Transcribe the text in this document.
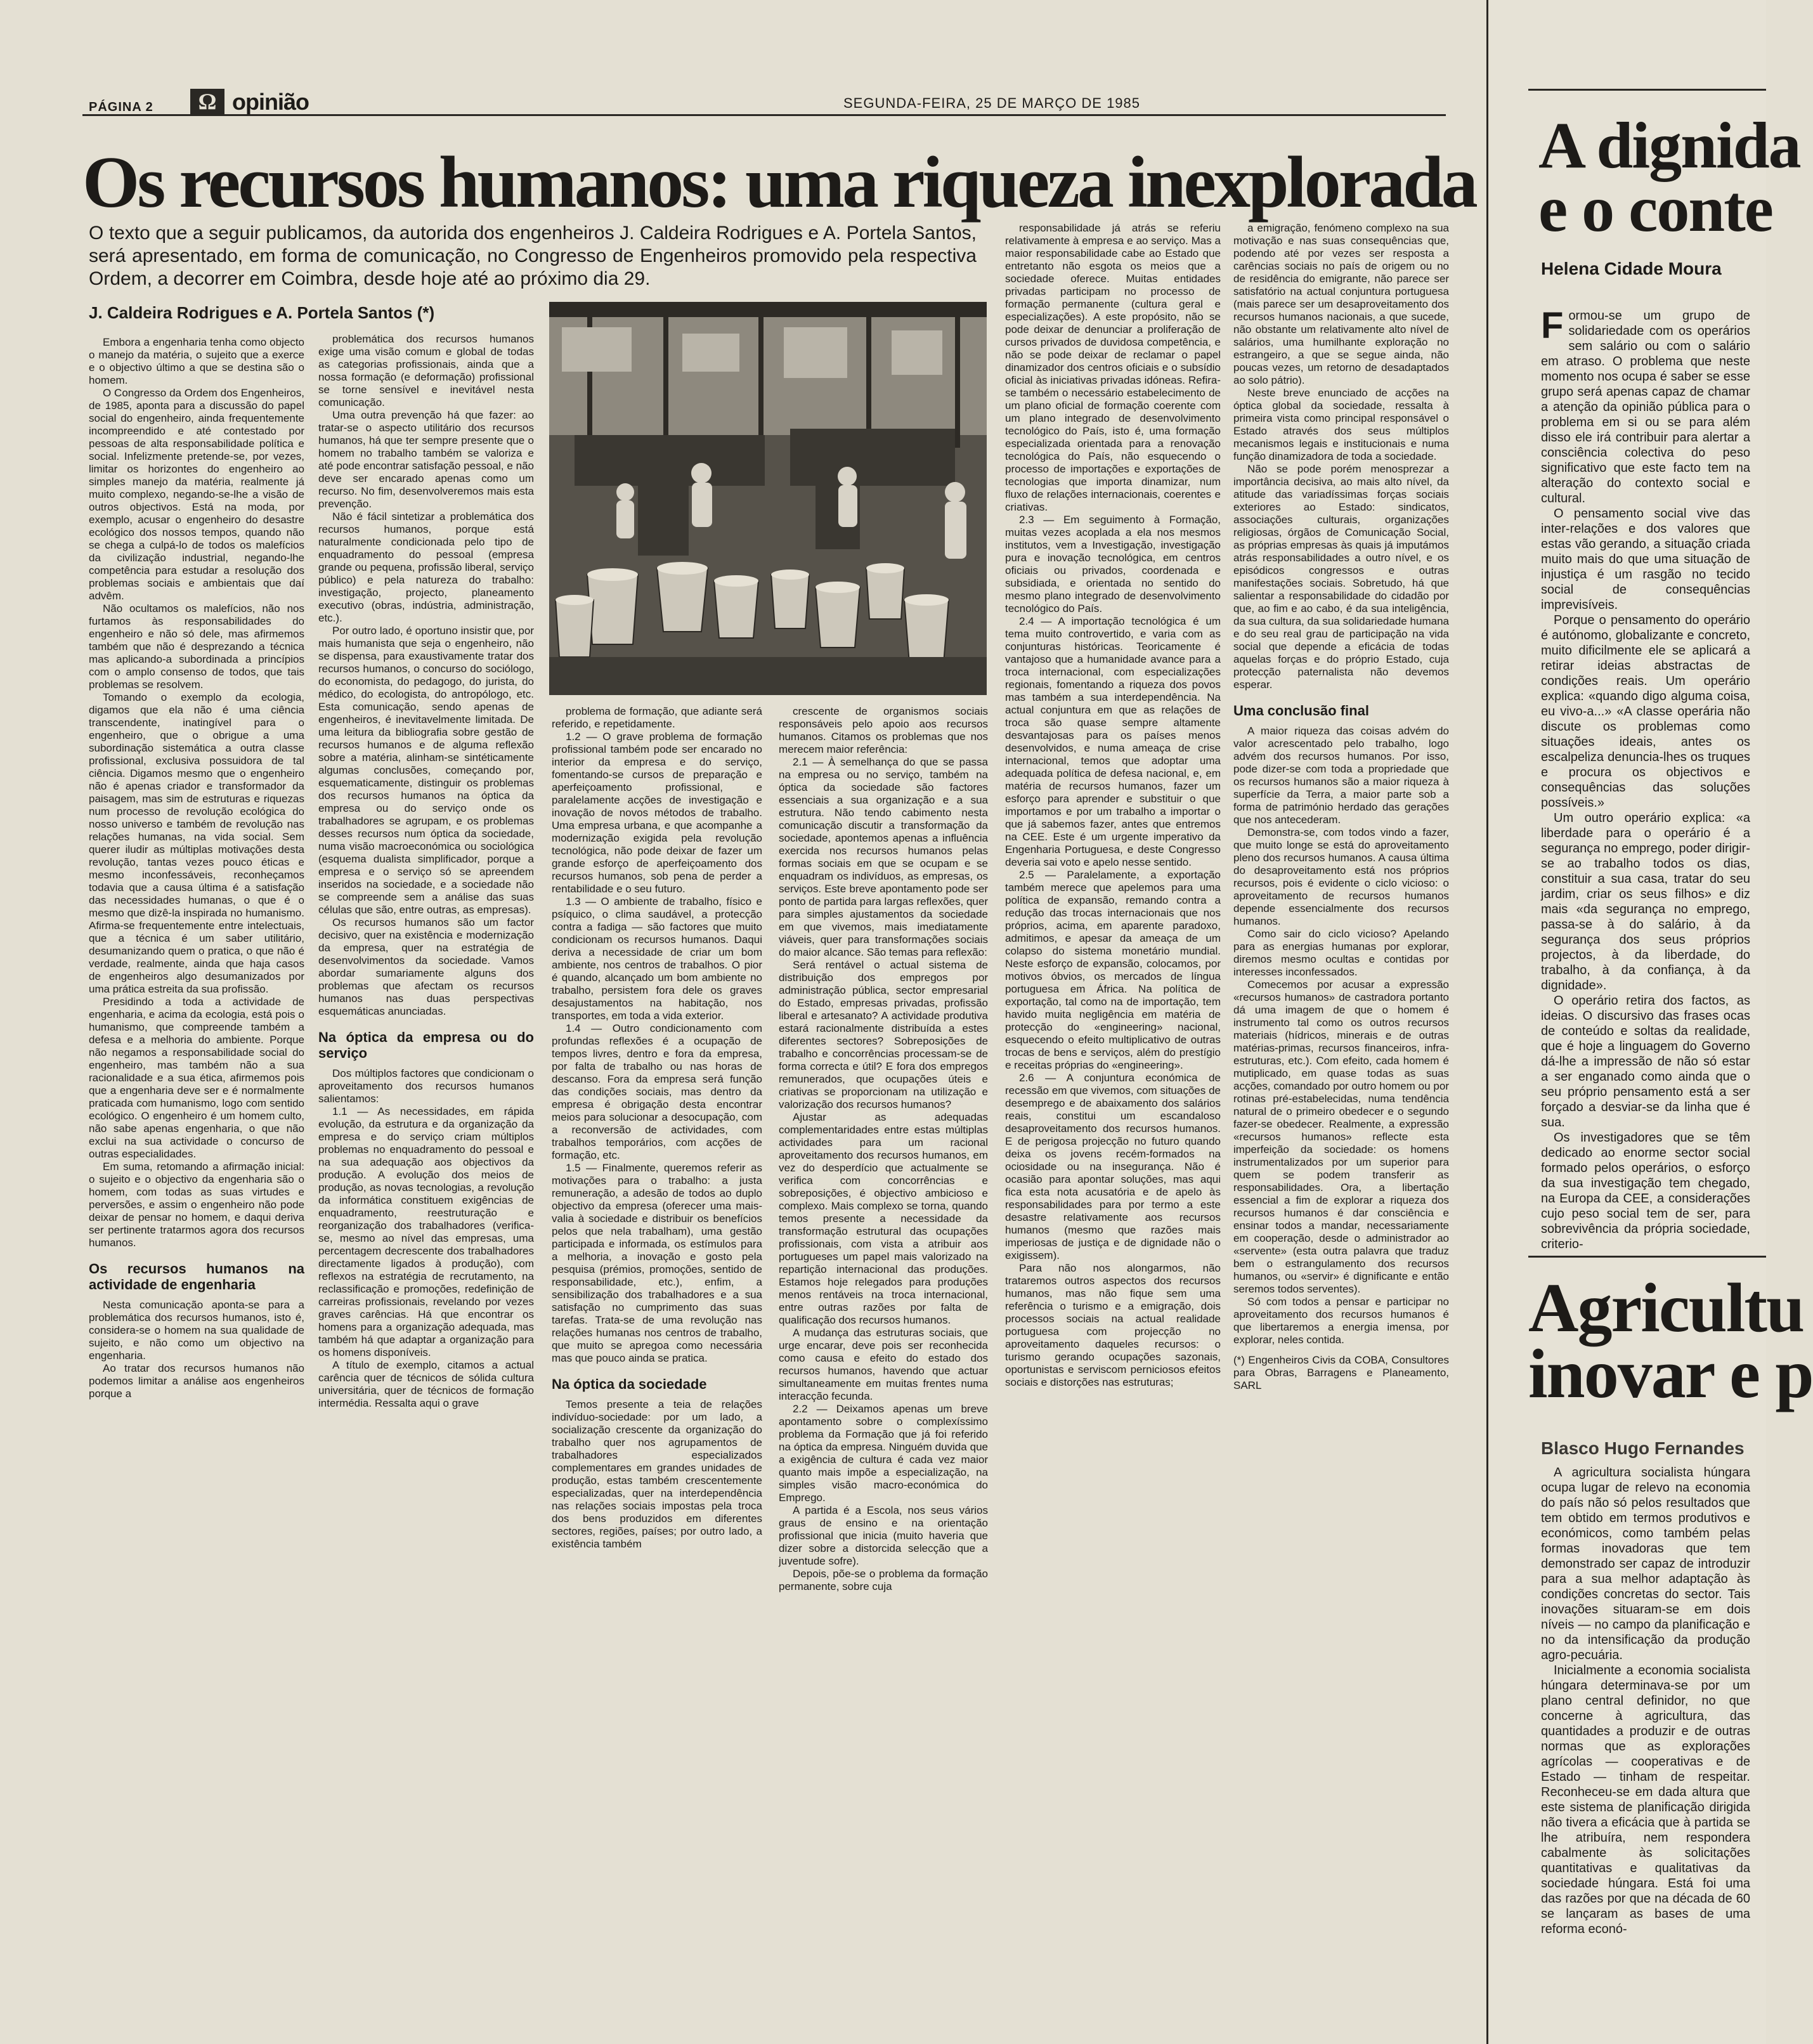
PÁGINA 2	Ω opinião	SEGUNDA-FEIRA, 25 DE MARÇO DE 1985
Os recursos humanos: uma riqueza inexplorada
O texto que a seguir publicamos, da autorida dos engenheiros J. Caldeira Rodrigues e A. Portela Santos, será apresentado, em forma de comunicação, no Congresso de Engenheiros promovido pela respectiva Ordem, a decorrer em Coimbra, desde hoje até ao próximo dia 29.
J. Caldeira Rodrigues e A. Portela Santos (*)

Embora a engenharia tenha como objecto o manejo da matéria, o sujeito que a exerce e o objectivo último a que se destina são o homem.

O Congresso da Ordem dos Engenheiros, de 1985, aponta para a discussão do papel social do engenheiro, ainda frequentemente incompreendido e até contestado por pessoas de alta responsabilidade política e social. Infelizmente pretende-se, por vezes, limitar os horizontes do engenheiro ao simples manejo da matéria, realmente já muito complexo, negando-se-lhe a visão de outros objectivos. Está na moda, por exemplo, acusar o engenheiro do desastre ecológico dos nossos tempos, quando não se chega a culpá-lo de todos os malefícios da civilização industrial, negando-lhe competência para estudar a resolução dos problemas sociais e ambientais que daí advêm.

Não ocultamos os malefícios, não nos furtamos às responsabilidades do engenheiro e não só dele, mas afirmemos também que não é desprezando a técnica mas aplicando-a subordinada a princípios com o amplo consenso de todos, que tais problemas se resolvem.

Tomando o exemplo da ecologia, digamos que ela não é uma ciência transcendente, inatingível para o engenheiro, que o obrigue a uma subordinação sistemática a outra classe profissional, exclusiva possuidora de tal ciência. Digamos mesmo que o engenheiro não é apenas criador e transformador da paisagem, mas sim de estruturas e riquezas num processo de revolução ecológica do nosso universo e também de revolução nas relações humanas, na vida social. Sem querer iludir as múltiplas motivações desta revolução, tantas vezes pouco éticas e mesmo inconfessáveis, reconheçamos todavia que a causa última é a satisfação das necessidades humanas, o que é o mesmo que dizê-la inspirada no humanismo. Afirma-se frequentemente entre intelectuais, que a técnica é um saber utilitário, desumanizando quem o pratica, o que não é verdade, realmente, ainda que haja casos de engenheiros algo desumanizados por uma prática estreita da sua profissão.

Presidindo a toda a actividade de engenharia, e acima da ecologia, está pois o humanismo, que compreende também a defesa e a melhoria do ambiente. Porque não negamos a responsabilidade social do engenheiro, mas também não a sua racionalidade e a sua ética, afirmemos pois que a engenharia deve ser e é normalmente praticada com humanismo, logo com sentido ecológico. O engenheiro é um homem culto, não sabe apenas engenharia, o que não exclui na sua actividade o concurso de outras especialidades.

Em suma, retomando a afirmação inicial: o sujeito e o objectivo da engenharia são o homem, com todas as suas virtudes e perversões, e assim o engenheiro não pode deixar de pensar no homem, e daqui deriva ser pertinente tratarmos agora dos recursos humanos.

Os recursos humanos na actividade de engenharia

Nesta comunicação aponta-se para a problemática dos recursos humanos, isto é, considera-se o homem na sua qualidade de sujeito, e não como um objectivo na engenharia.

Ao tratar dos recursos humanos não podemos limitar a análise aos engenheiros porque a

problemática dos recursos humanos exige uma visão comum e global de todas as categorias profissionais, ainda que a nossa formação (e deformação) profissional se torne sensível e inevitável nesta comunicação.

Uma outra prevenção há que fazer: ao tratar-se o aspecto utilitário dos recursos humanos, há que ter sempre presente que o homem no trabalho também se valoriza e até pode encontrar satisfação pessoal, e não deve ser encarado apenas como um recurso. No fim, desenvolveremos mais esta prevenção.

Não é fácil sintetizar a problemática dos recursos humanos, porque está naturalmente condicionada pelo tipo de enquadramento do pessoal (empresa grande ou pequena, profissão liberal, serviço público) e pela natureza do trabalho: investigação, projecto, planeamento executivo (obras, indústria, administração, etc.).

Por outro lado, é oportuno insistir que, por mais humanista que seja o engenheiro, não se dispensa, para exaustivamente tratar dos recursos humanos, o concurso do sociólogo, do economista, do pedagogo, do jurista, do médico, do ecologista, do antropólogo, etc. Esta comunicação, sendo apenas de engenheiros, é inevitavelmente limitada. De uma leitura da bibliografia sobre gestão de recursos humanos e de alguma reflexão sobre a matéria, alinham-se sintéticamente algumas conclusões, começando por, esquematicamente, distinguir os problemas dos recursos humanos na óptica da empresa ou do serviço onde os trabalhadores se agrupam, e os problemas desses recursos num óptica da sociedade, numa visão macroeconómica ou sociológica (esquema dualista simplificador, porque a empresa e o serviço só se apreendem inseridos na sociedade, e a sociedade não se compreende sem a análise das suas células que são, entre outras, as empresas).

Os recursos humanos são um factor decisivo, quer na existência e modernização da empresa, quer na estratégia de desenvolvimentos da sociedade. Vamos abordar sumariamente alguns dos problemas que afectam os recursos humanos nas duas perspectivas esquemáticas anunciadas.

Na óptica da empresa ou do serviço

Dos múltiplos factores que condicionam o aproveitamento dos recursos humanos salientamos:

1.1 — As necessidades, em rápida evolução, da estrutura e da organização da empresa e do serviço criam múltiplos problemas no enquadramento do pessoal e na sua adequação aos objectivos da produção. A evolução dos meios de produção, as novas tecnologias, a revolução da informática constituem exigências de enquadramento, reestruturação e reorganização dos trabalhadores (verifica-se, mesmo ao nível das empresas, uma percentagem decrescente dos trabalhadores directamente ligados à produção), com reflexos na estratégia de recrutamento, na reclassificação e promoções, redefinição de carreiras profissionais, revelando por vezes graves carências. Há que encontrar os homens para a organização adequada, mas também há que adaptar a organização para os homens disponíveis.

A título de exemplo, citamos a actual carência quer de técnicos de sólida cultura universitária, quer de técnicos de formação intermédia. Ressalta aqui o grave

problema de formação, que adiante será referido, e repetidamente.

1.2 — O grave problema de formação profissional também pode ser encarado no interior da empresa e do serviço, fomentando-se cursos de preparação e aperfeiçoamento profissional, e paralelamente acções de investigação e inovação de novos métodos de trabalho. Uma empresa urbana, e que acompanhe a modernização exigida pela revolução tecnológica, não pode deixar de fazer um grande esforço de aperfeiçoamento dos recursos humanos, sob pena de perder a rentabilidade e o seu futuro.

1.3 — O ambiente de trabalho, físico e psíquico, o clima saudável, a protecção contra a fadiga — são factores que muito condicionam os recursos humanos. Daqui deriva a necessidade de criar um bom ambiente, nos centros de trabalhos. O pior é quando, alcançado um bom ambiente no trabalho, persistem fora dele os graves desajustamentos na habitação, nos transportes, em toda a vida exterior.

1.4 — Outro condicionamento com profundas reflexões é a ocupação de tempos livres, dentro e fora da empresa, por falta de trabalho ou nas horas de descanso. Fora da empresa será função das condições sociais, mas dentro da empresa é obrigação desta encontrar meios para solucionar a desocupação, com a reconversão de actividades, com trabalhos temporários, com acções de formação, etc.

1.5 — Finalmente, queremos referir as motivações para o trabalho: a justa remuneração, a adesão de todos ao duplo objectivo da empresa (oferecer uma mais-valia à sociedade e distribuir os benefícios pelos que nela trabalham), uma gestão participada e informada, os estímulos para a melhoria, a inovação e gosto pela pesquisa (prémios, promoções, sentido de responsabilidade, etc.), enfim, a sensibilização dos trabalhadores e a sua satisfação no cumprimento das suas tarefas. Trata-se de uma revolução nas relações humanas nos centros de trabalho, que muito se apregoa como necessária mas que pouco ainda se pratica.

Na óptica da sociedade

Temos presente a teia de relações indivíduo-sociedade: por um lado, a socialização crescente da organização do trabalho quer nos agrupamentos de trabalhadores especializados complementares em grandes unidades de produção, estas também crescentemente especializadas, quer na interdependência nas relações sociais impostas pela troca dos bens produzidos em diferentes sectores, regiões, países; por outro lado, a existência também

crescente de organismos sociais responsáveis pelo apoio aos recursos humanos. Citamos os problemas que nos merecem maior referência:

2.1 — À semelhança do que se passa na empresa ou no serviço, também na óptica da sociedade são factores essenciais a sua organização e a sua estrutura. Não tendo cabimento nesta comunicação discutir a transformação da sociedade, apontemos apenas a influência exercida nos recursos humanos pelas formas sociais em que se ocupam e se enquadram os indivíduos, as empresas, os serviços. Este breve apontamento pode ser ponto de partida para largas reflexões, quer para simples ajustamentos da sociedade em que vivemos, mais imediatamente viáveis, quer para transformações sociais do maior alcance. São temas para reflexão:

Será rentável o actual sistema de distribuição dos empregos por administração pública, sector empresarial do Estado, empresas privadas, profissão liberal e artesanato? A actividade produtiva estará racionalmente distribuída a estes diferentes sectores? Sobreposições de trabalho e concorrências processam-se de forma correcta e útil? E fora dos empregos remunerados, que ocupações úteis e criativas se proporcionam na utilização e valorização dos recursos humanos?

Ajustar as adequadas complementaridades entre estas múltiplas actividades para um racional aproveitamento dos recursos humanos, em vez do desperdício que actualmente se verifica com concorrências e sobreposições, é objectivo ambicioso e complexo. Mais complexo se torna, quando temos presente a necessidade da transformação estrutural das ocupações profissionais, com vista a atribuir aos portugueses um papel mais valorizado na repartição internacional das produções. Estamos hoje relegados para produções menos rentáveis na troca internacional, entre outras razões por falta de qualificação dos recursos humanos.

A mudança das estruturas sociais, que urge encarar, deve pois ser reconhecida como causa e efeito do estado dos recursos humanos, havendo que actuar simultaneamente em muitas frentes numa interacção fecunda.

2.2 — Deixamos apenas um breve apontamento sobre o complexíssimo problema da Formação que já foi referido na óptica da empresa. Ninguém duvida que a exigência de cultura é cada vez maior quanto mais impõe a especialização, na simples visão macro-económica do Emprego.

A partida é a Escola, nos seus vários graus de ensino e na orientação profissional que inicia (muito haveria que dizer sobre a distorcida selecção que a juventude sofre).

Depois, põe-se o problema da formação permanente, sobre cuja

responsabilidade já atrás se referiu relativamente à empresa e ao serviço. Mas a maior responsabilidade cabe ao Estado que entretanto não esgota os meios que a sociedade oferece. Muitas entidades privadas participam no processo de formação permanente (cultura geral e especializações). A este propósito, não se pode deixar de denunciar a proliferação de cursos privados de duvidosa competência, e não se pode deixar de reclamar o papel dinamizador dos centros oficiais e o subsídio oficial às iniciativas privadas idóneas. Refira-se também o necessário estabelecimento de um plano oficial de formação coerente com um plano integrado de desenvolvimento tecnológico do País, isto é, uma formação especializada orientada para a renovação tecnológica do País, não esquecendo o processo de importações e exportações de tecnologias que importa dinamizar, num fluxo de relações internacionais, coerentes e criativas.

2.3 — Em seguimento à Formação, muitas vezes acoplada a ela nos mesmos institutos, vem a Investigação, investigação pura e inovação tecnológica, em centros oficiais ou privados, coordenada e subsidiada, e orientada no sentido do mesmo plano integrado de desenvolvimento tecnológico do País.

2.4 — A importação tecnológica é um tema muito controvertido, e varia com as conjunturas históricas. Teoricamente é vantajoso que a humanidade avance para a troca internacional, com especializações regionais, fomentando a riqueza dos povos mas também a sua interdependência. Na actual conjuntura em que as relações de troca são quase sempre altamente desvantajosas para os países menos desenvolvidos, e numa ameaça de crise internacional, temos que adoptar uma adequada política de defesa nacional, e, em matéria de recursos humanos, fazer um esforço para aprender e substituir o que importamos e por um trabalho a importar o que já sabemos fazer, antes que entremos na CEE. Este é um urgente imperativo da Engenharia Portuguesa, e deste Congresso deveria sai voto e apelo nesse sentido.

2.5 — Paralelamente, a exportação também merece que apelemos para uma política de expansão, remando contra a redução das trocas internacionais que nos próprios, acima, em aparente paradoxo, admitimos, e apesar da ameaça de um colapso do sistema monetário mundial. Neste esforço de expansão, colocamos, por motivos óbvios, os mercados de língua portuguesa em África. Na política de exportação, tal como na de importação, tem havido muita negligência em matéria de protecção do «engineering» nacional, esquecendo o efeito multiplicativo de outras trocas de bens e serviços, além do prestígio e receitas próprias do «engineering».

2.6 — A conjuntura económica de recessão em que vivemos, com situações de desemprego e de abaixamento dos salários reais, constitui um escandaloso desaproveitamento dos recursos humanos. E de perigosa projecção no futuro quando deixa os jovens recém-formados na ociosidade ou na insegurança. Não é ocasião para apontar soluções, mas aqui fica esta nota acusatória e de apelo às responsabilidades para por termo a este desastre relativamente aos recursos humanos (mesmo que razões mais imperiosas de justiça e de dignidade não o exigissem).

Para não nos alongarmos, não trataremos outros aspectos dos recursos humanos, mas não fique sem uma referência o turismo e a emigração, dois processos sociais na actual realidade portuguesa com projecção no aproveitamento daqueles recursos: o turismo gerando ocupações sazonais, oportunistas e serviscom perniciosos efeitos sociais e distorções nas estruturas;

a emigração, fenómeno complexo na sua motivação e nas suas consequências que, podendo até por vezes ser resposta a carências sociais no país de origem ou no de residência do emigrante, não parece ser satisfatório na actual conjuntura portuguesa (mais parece ser um desaproveitamento dos recursos humanos nacionais, a que sucede, não obstante um relativamente alto nível de salários, uma humilhante exploração no estrangeiro, a que se segue ainda, não poucas vezes, um retorno de desadaptados ao solo pátrio).

Neste breve enunciado de acções na óptica global da sociedade, ressalta à primeira vista como principal responsável o Estado através dos seus múltiplos mecanismos legais e institucionais e numa função dinamizadora de toda a sociedade.

Não se pode porém menosprezar a importância decisiva, ao mais alto nível, da atitude das variadíssimas forças sociais exteriores ao Estado: sindicatos, associações culturais, organizações religiosas, órgãos de Comunicação Social, as próprias empresas às quais já imputámos atrás responsabilidades a outro nível, e os episódicos congressos e outras manifestações sociais. Sobretudo, há que salientar a responsabilidade do cidadão por que, ao fim e ao cabo, é da sua inteligência, da sua cultura, da sua solidariedade humana e do seu real grau de participação na vida social que depende a eficácia de todas aquelas forças e do próprio Estado, cuja protecção paternalista não devemos esperar.

Uma conclusão final

A maior riqueza das coisas advém do valor acrescentado pelo trabalho, logo advém dos recursos humanos. Por isso, pode dizer-se com toda a propriedade que os recursos humanos são a maior riqueza à superfície da Terra, a maior parte sob a forma de património herdado das gerações que nos antecederam.

Demonstra-se, com todos vindo a fazer, que muito longe se está do aproveitamento pleno dos recursos humanos. A causa última do desaproveitamento está nos próprios recursos, pois é evidente o ciclo vicioso: o aproveitamento de recursos humanos depende essencialmente dos recursos humanos.

Como sair do ciclo vicioso? Apelando para as energias humanas por explorar, diremos mesmo ocultas e contidas por interesses inconfessados.

Comecemos por acusar a expressão «recursos humanos» de castradora portanto dá uma imagem de que o homem é instrumento tal como os outros recursos materiais (hídricos, minerais e de outras matérias-primas, recursos financeiros, infra-estruturas, etc.). Com efeito, cada homem é mutiplicado, em quase todas as suas acções, comandado por outro homem ou por rotinas pré-estabelecidas, numa tendência natural de o primeiro obedecer e o segundo fazer-se obedecer. Realmente, a expressão «recursos humanos» reflecte esta imperfeição da sociedade: os homens instrumentalizados por um superior para quem se podem transferir as responsabilidades. Ora, a libertação essencial a fim de explorar a riqueza dos recursos humanos é dar consciência e ensinar todos a mandar, necessariamente em cooperação, desde o administrador ao «servente» (esta outra palavra que traduz bem o estrangulamento dos recursos humanos, ou «servir» é dignificante e então seremos todos serventes).

Só com todos a pensar e participar no aproveitamento dos recursos humanos é que libertaremos a energia imensa, por explorar, neles contida.

(*) Engenheiros Civis da COBA, Consultores para Obras, Barragens e Planeamento, SARL
A dignida
e o conte
Helena Cidade Moura

Formou-se um grupo de solidariedade com os operários sem salário ou com o salário em atraso. O problema que neste momento nos ocupa é saber se esse grupo será apenas capaz de chamar a atenção da opinião pública para o problema em si ou se para além disso ele irá contribuir para alertar a consciência colectiva do peso significativo que este facto tem na alteração do contexto social e cultural.

O pensamento social vive das inter-relações e dos valores que estas vão gerando, a situação criada muito mais do que uma situação de injustiça é um rasgão no tecido social de consequências imprevisíveis.

Porque o pensamento do operário é autónomo, globalizante e concreto, muito dificilmente ele se aplicará a retirar ideias abstractas de condições reais. Um operário explica: «quando digo alguma coisa, eu vivo-a...» «A classe operária não discute os problemas como situações ideais, antes os escalpeliza denuncia-lhes os truques e procura os objectivos e consequências das soluções possíveis.»

Um outro operário explica: «a liberdade para o operário é a segurança no emprego, poder dirigir-se ao trabalho todos os dias, constituir a sua casa, tratar do seu jardim, criar os seus filhos» e diz mais «da segurança no emprego, passa-se à do salário, à da segurança dos seus próprios projectos, à da liberdade, do trabalho, à da confiança, à da dignidade».

O operário retira dos factos, as ideias. O discursivo das frases ocas de conteúdo e soltas da realidade, que é hoje a linguagem do Governo dá-lhe a impressão de não só estar a ser enganado como ainda que o seu próprio pensamento está a ser forçado a desviar-se da linha que é sua.

Os investigadores que se têm dedicado ao enorme sector social formado pelos operários, o esforço da sua investigação tem chegado, na Europa da CEE, a considerações cujo peso social tem de ser, para sobrevivência da própria sociedade, criterio-

Agricultu
inovar e p
Blasco Hugo Fernandes

A agricultura socialista húngara ocupa lugar de relevo na economia do país não só pelos resultados que tem obtido em termos produtivos e económicos, como também pelas formas inovadoras que tem demonstrado ser capaz de introduzir para a sua melhor adaptação às condições concretas do sector. Tais inovações situaram-se em dois níveis — no campo da planificação e no da intensificação da produção agro-pecuária.

Inicialmente a economia socialista húngara determinava-se por um plano central definidor, no que concerne à agricultura, das quantidades a produzir e de outras normas que as explorações agrícolas — cooperativas e de Estado — tinham de respeitar. Reconheceu-se em dada altura que este sistema de planificação dirigida não tivera a eficácia que à partida se lhe atribuíra, nem respondera cabalmente às solicitações quantitativas e qualitativas da sociedade húngara. Está foi uma das razões por que na década de 60 se lançaram as bases de uma reforma econó-
